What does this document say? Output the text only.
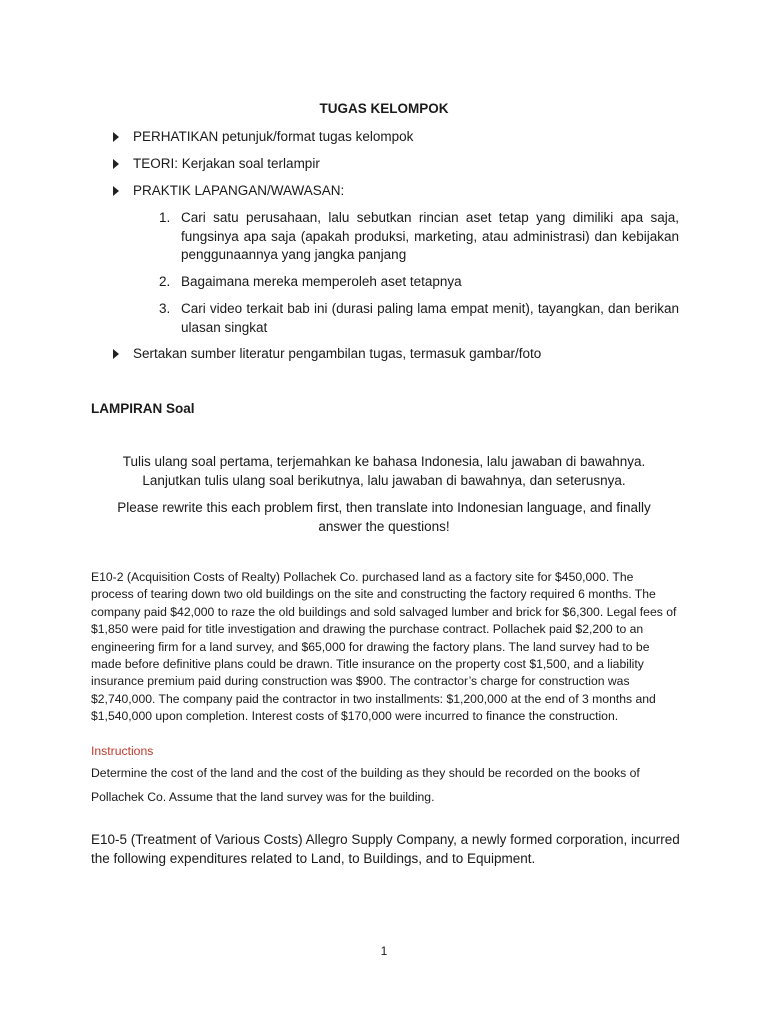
TUGAS KELOMPOK
PERHATIKAN petunjuk/format tugas kelompok
TEORI: Kerjakan soal terlampir
PRAKTIK LAPANGAN/WAWASAN:
1. Cari satu perusahaan, lalu sebutkan rincian aset tetap yang dimiliki apa saja, fungsinya apa saja (apakah produksi, marketing, atau administrasi) dan kebijakan penggunaannya yang jangka panjang
2. Bagaimana mereka memperoleh aset tetapnya
3. Cari video terkait bab ini (durasi paling lama empat menit), tayangkan, dan berikan ulasan singkat
Sertakan sumber literatur pengambilan tugas, termasuk gambar/foto
LAMPIRAN Soal
Tulis ulang soal pertama, terjemahkan ke bahasa Indonesia, lalu jawaban di bawahnya.
Lanjutkan tulis ulang soal berikutnya, lalu jawaban di bawahnya, dan seterusnya.
Please rewrite this each problem first, then translate into Indonesian language, and finally
answer the questions!
E10-2 (Acquisition Costs of Realty) Pollachek Co. purchased land as a factory site for $450,000. The process of tearing down two old buildings on the site and constructing the factory required 6 months. The company paid $42,000 to raze the old buildings and sold salvaged lumber and brick for $6,300. Legal fees of $1,850 were paid for title investigation and drawing the purchase contract. Pollachek paid $2,200 to an engineering firm for a land survey, and $65,000 for drawing the factory plans. The land survey had to be made before definitive plans could be drawn. Title insurance on the property cost $1,500, and a liability insurance premium paid during construction was $900. The contractor’s charge for construction was $2,740,000. The company paid the contractor in two installments: $1,200,000 at the end of 3 months and $1,540,000 upon completion. Interest costs of $170,000 were incurred to finance the construction.
Instructions
Determine the cost of the land and the cost of the building as they should be recorded on the books of Pollachek Co. Assume that the land survey was for the building.
E10-5 (Treatment of Various Costs) Allegro Supply Company, a newly formed corporation, incurred the following expenditures related to Land, to Buildings, and to Equipment.
1
